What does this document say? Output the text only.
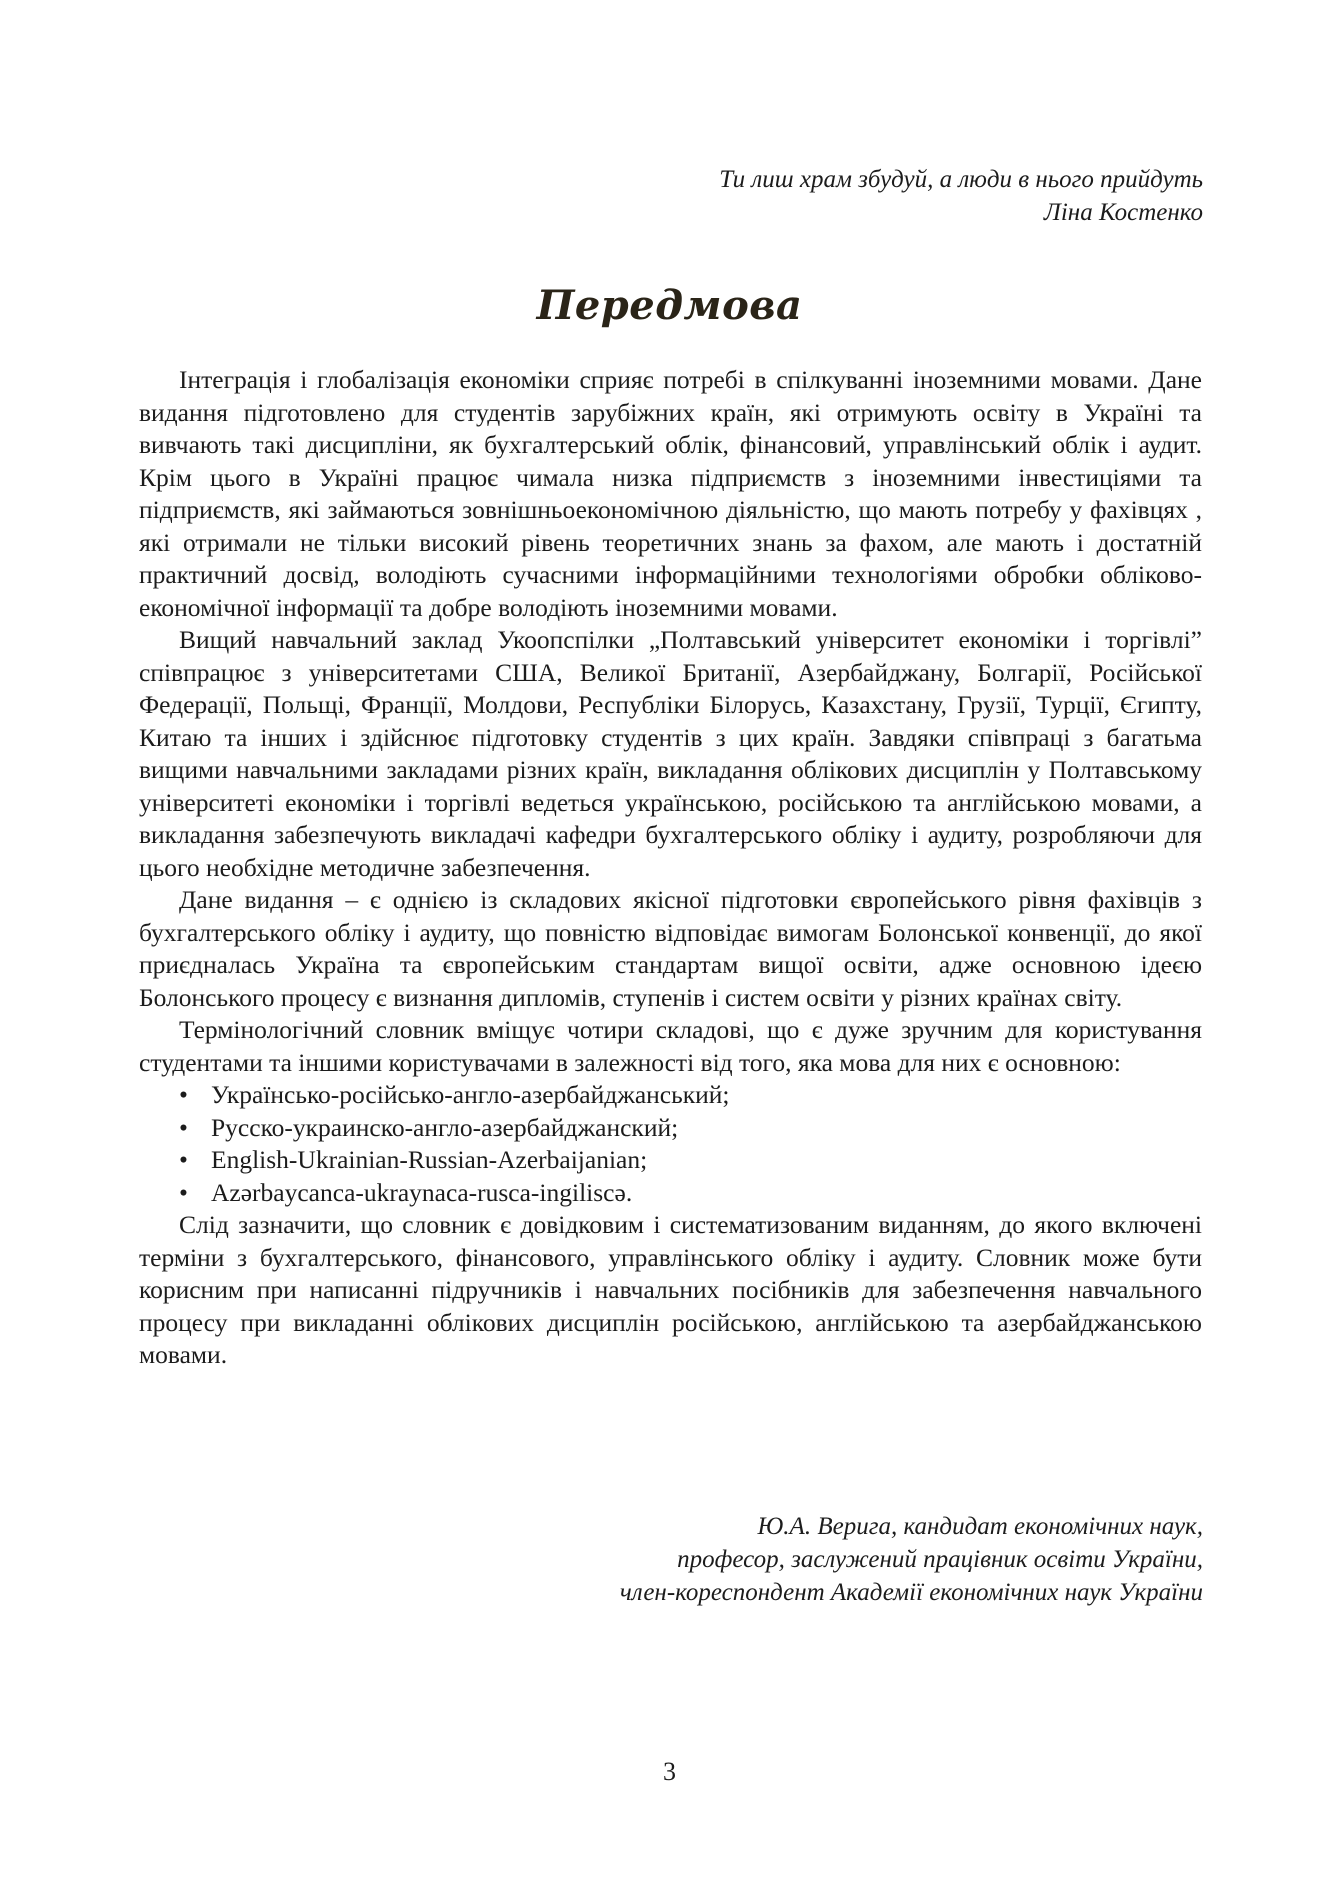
Ти лиш храм збудуй, а люди в нього прийдуть
Ліна Костенко
Передмова

Інтеграція і глобалізація економіки сприяє потребі в спілкуванні іноземними мовами. Дане видання підготовлено для студентів зарубіжних країн, які отримують освіту в Україні та вивчають такі дисципліни, як бухгалтерський облік, фінансовий, управлінський облік і аудит. Крім цього в Україні працює чимала низка підприємств з іноземними інвестиціями та підприємств, які займаються зовнішньоекономічною діяльністю, що мають потребу у фахівцях , які отримали не тільки високий рівень теоретичних знань за фахом, але мають і достатній практичний досвід, володіють сучасними інформаційними технологіями обробки обліково-економічної інформації та добре володіють іноземними мовами.

Вищий навчальний заклад Укоопспілки „Полтавський університет економіки і торгівлі” співпрацює з університетами США, Великої Британії, Азербайджану, Болгарії, Російської Федерації, Польщі, Франції, Молдови, Республіки Білорусь, Казахстану, Грузії, Турції, Єгипту, Китаю та інших і здійснює підготовку студентів з цих країн. Завдяки співпраці з багатьма вищими навчальними закладами різних країн, викладання облікових дисциплін у Полтавському університеті економіки і торгівлі ведеться українською, російською та англійською мовами, а викладання забезпечують викладачі кафедри бухгалтерського обліку і аудиту, розробляючи для цього необхідне методичне забезпечення.

Дане видання – є однією із складових якісної підготовки європейського рівня фахівців з бухгалтерського обліку і аудиту, що повністю відповідає вимогам Болонської конвенції, до якої приєдналась Україна та європейським стандартам вищої освіти, адже основною ідеєю Болонського процесу є визнання дипломів, ступенів і систем освіти у різних країнах світу.

Термінологічний словник вміщує чотири складові, що є дуже зручним для користування студентами та іншими користувачами в залежності від того, яка мова для них є основною:

• Українсько-російсько-англо-азербайджанський;
• Русско-украинско-англо-азербайджанский;
• English-Ukrainian-Russian-Azerbaijanian;
• Azərbaycanca-ukraynaca-rusca-ingilisсə.

Слід зазначити, що словник є довідковим і систематизованим виданням, до якого включені терміни з бухгалтерського, фінансового, управлінського обліку і аудиту. Словник може бути корисним при написанні підручників і навчальних посібників для забезпечення навчального процесу при викладанні облікових дисциплін російською, англійською та азербайджанською мовами.

Ю.А. Верига, кандидат економічних наук,
професор, заслужений працівник освіти України,
член-кореспондент Академії економічних наук України
3
